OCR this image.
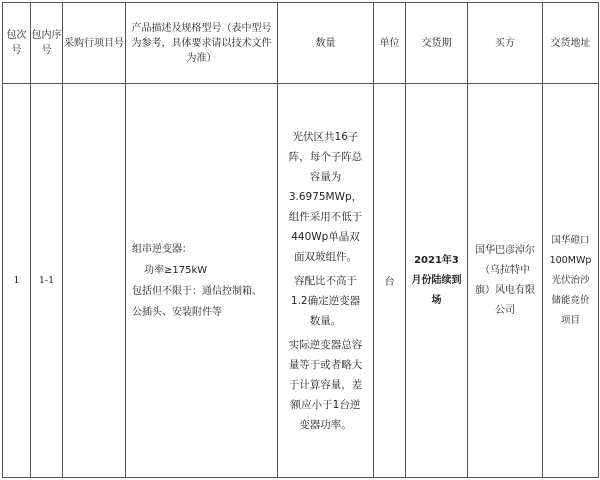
包次号	包内序号	采购行项目号	产品描述及规格型号（表中型号为参考，具体要求请以技术文件为准）	数量	单位	交货期	买方	交货地址
1	1-1		组串逆变器：
功率≥175kW
包括但不限于：通信控制箱、公插头、安装附件等	光伏区共16子阵，每个子阵总容量为3.6975MWp，组件采用不低于440Wp单晶双面双玻组件。
容配比不高于1.2确定逆变器数量。
实际逆变器总容量等于或者略大于计算容量，差额应小于1台逆变器功率。	台	2021年3月份陆续到场	国华巴彦淖尔（乌拉特中旗）风电有限公司	国华磴口100MWp光伏治沙储能竞价项目
